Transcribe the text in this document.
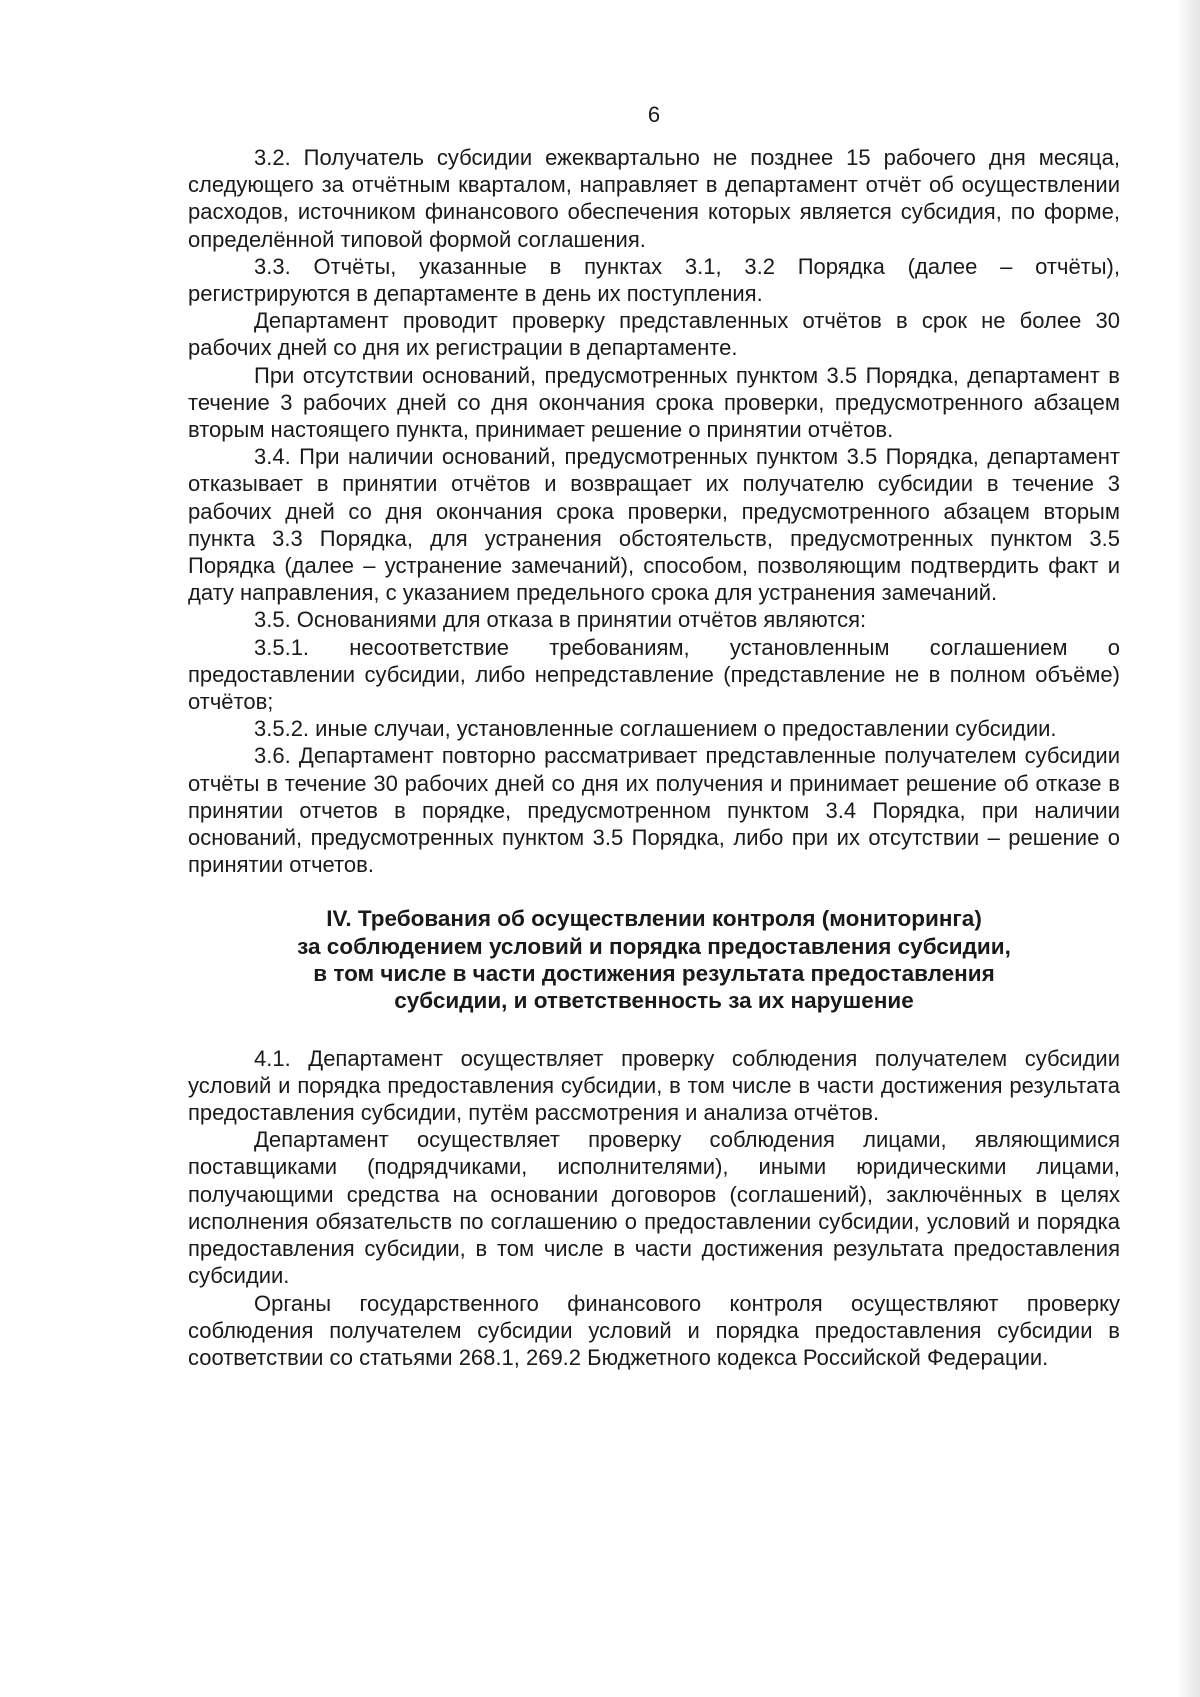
6

3.2. Получатель субсидии ежеквартально не позднее 15 рабочего дня месяца, следующего за отчётным кварталом, направляет в департамент отчёт об осуществлении расходов, источником финансового обеспечения которых является субсидия, по форме, определённой типовой формой соглашения.

3.3. Отчёты, указанные в пунктах 3.1, 3.2 Порядка (далее – отчёты), регистрируются в департаменте в день их поступления.

Департамент проводит проверку представленных отчётов в срок не более 30 рабочих дней со дня их регистрации в департаменте.

При отсутствии оснований, предусмотренных пунктом 3.5 Порядка, департамент в течение 3 рабочих дней со дня окончания срока проверки, предусмотренного абзацем вторым настоящего пункта, принимает решение о принятии отчётов.

3.4. При наличии оснований, предусмотренных пунктом 3.5 Порядка, департамент отказывает в принятии отчётов и возвращает их получателю субсидии в течение 3 рабочих дней со дня окончания срока проверки, предусмотренного абзацем вторым пункта 3.3 Порядка, для устранения обстоятельств, предусмотренных пунктом 3.5 Порядка (далее – устранение замечаний), способом, позволяющим подтвердить факт и дату направления, с указанием предельного срока для устранения замечаний.

3.5. Основаниями для отказа в принятии отчётов являются:

3.5.1. несоответствие требованиям, установленным соглашением о предоставлении субсидии, либо непредставление (представление не в полном объёме) отчётов;

3.5.2. иные случаи, установленные соглашением о предоставлении субсидии.

3.6. Департамент повторно рассматривает представленные получателем субсидии отчёты в течение 30 рабочих дней со дня их получения и принимает решение об отказе в принятии отчетов в порядке, предусмотренном пунктом 3.4 Порядка, при наличии оснований, предусмотренных пунктом 3.5 Порядка, либо при их отсутствии – решение о принятии отчетов.

IV. Требования об осуществлении контроля (мониторинга)
за соблюдением условий и порядка предоставления субсидии,
в том числе в части достижения результата предоставления
субсидии, и ответственность за их нарушение

4.1. Департамент осуществляет проверку соблюдения получателем субсидии условий и порядка предоставления субсидии, в том числе в части достижения результата предоставления субсидии, путём рассмотрения и анализа отчётов.

Департамент осуществляет проверку соблюдения лицами, являющимися поставщиками (подрядчиками, исполнителями), иными юридическими лицами, получающими средства на основании договоров (соглашений), заключённых в целях исполнения обязательств по соглашению о предоставлении субсидии, условий и порядка предоставления субсидии, в том числе в части достижения результата предоставления субсидии.

Органы государственного финансового контроля осуществляют проверку соблюдения получателем субсидии условий и порядка предоставления субсидии в соответствии со статьями 268.1, 269.2 Бюджетного кодекса Российской Федерации.
